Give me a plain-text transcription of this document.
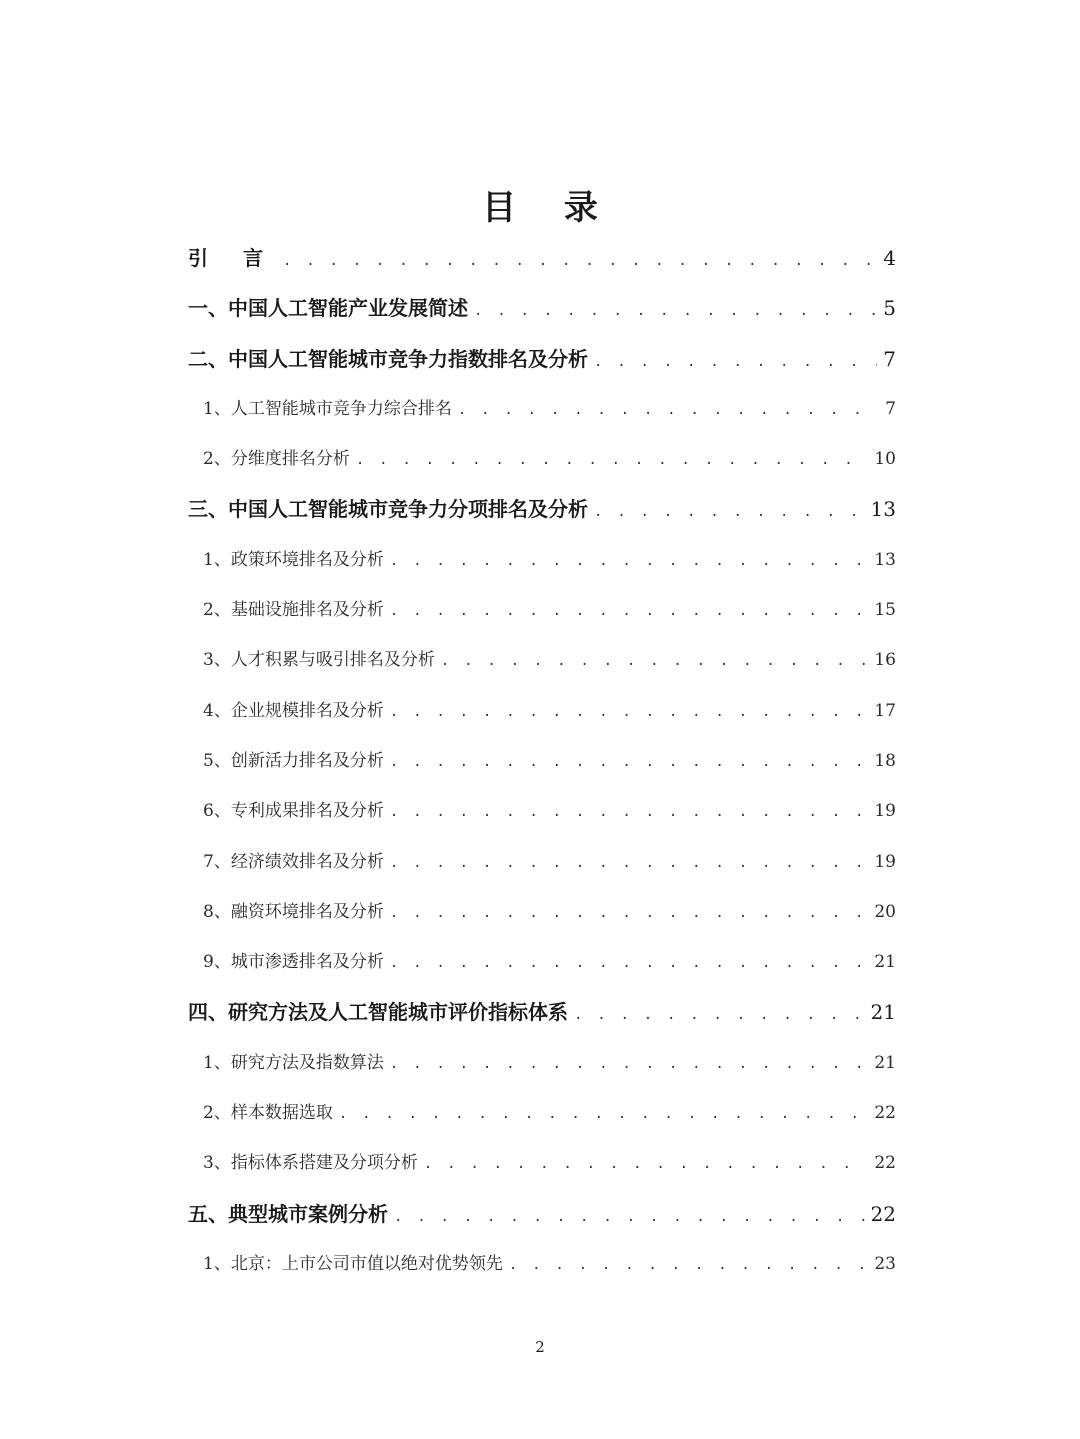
目 录
引 言 . . .	4
一、中国人工智能产业发展简述 . . .	5
二、中国人工智能城市竞争力指数排名及分析 . . .	7
1、人工智能城市竞争力综合排名 . . .	7
2、分维度排名分析 . . .	10
三、中国人工智能城市竞争力分项排名及分析 . . .	13
1、政策环境排名及分析 . . .	13
2、基础设施排名及分析 . . .	15
3、人才积累与吸引排名及分析 . . .	16
4、企业规模排名及分析 . . .	17
5、创新活力排名及分析 . . .	18
6、专利成果排名及分析 . . .	19
7、经济绩效排名及分析 . . .	19
8、融资环境排名及分析 . . .	20
9、城市渗透排名及分析 . . .	21
四、研究方法及人工智能城市评价指标体系 . . .	21
1、研究方法及指数算法 . . .	21
2、样本数据选取 . . .	22
3、指标体系搭建及分项分析 . . .	22
五、典型城市案例分析 . . .	22
1、北京：上市公司市值以绝对优势领先 . . .	23
2
